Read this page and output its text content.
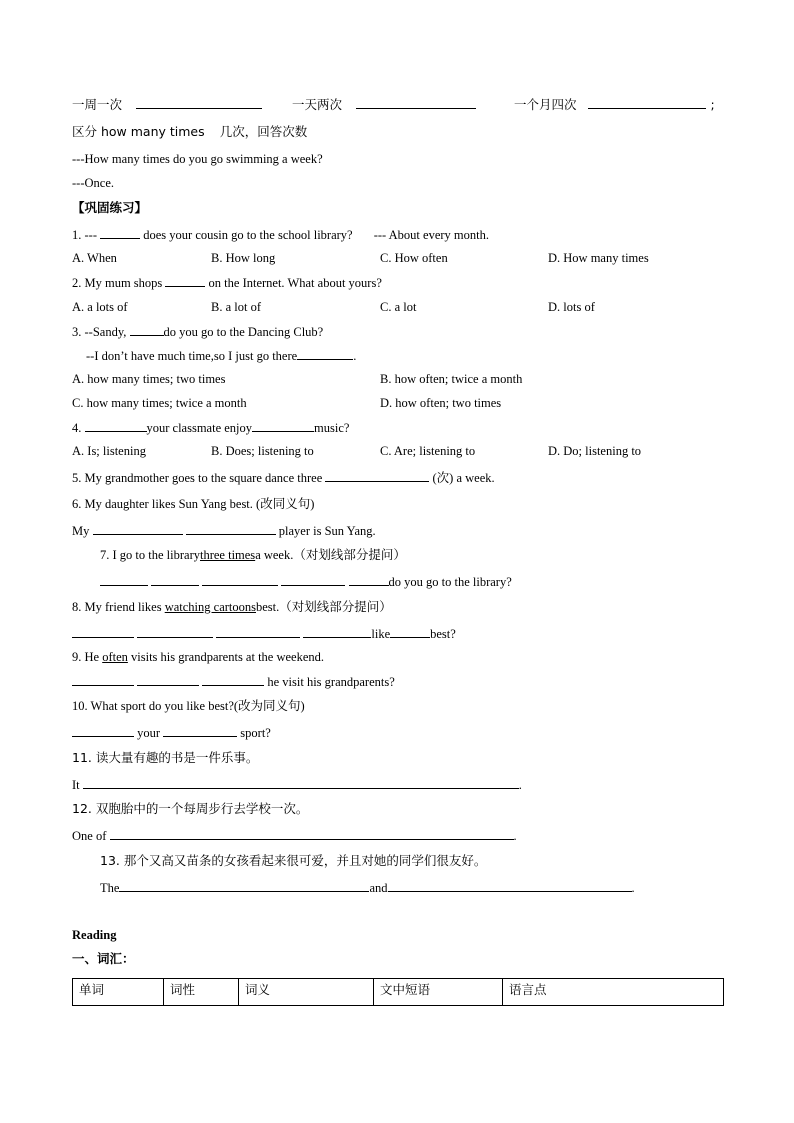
一周一次	一天两次	一个月四次	;
区分 how many times 几次，回答次数
---How many times do you go swimming a week?
---Once.
【巩固练习】
1. ---	does your cousin go to the school library? --- About every month.
A. When	B. How long	C. How often	D. How many times
2. My mum shops	on the Internet. What about yours?
A. a lots of	B. a lot of	C. a lot	D. lots of
3. --Sandy,	do you go to the Dancing Club?
--I don’t have much time,so I just go there	.
A. how many times; two times	B. how often; twice a month
C. how many times; twice a month	D. how often; two times
4.	your classmate enjoy	music?
A. Is; listening	B. Does; listening to	C. Are; listening to	D. Do; listening to
5. My grandmother goes to the square dance three	(次) a week.
6. My daughter likes Sun Yang best. (改同义句)
My	player is Sun Yang.
7. I go to the librarythree timesa week.（对划线部分提问）
do you go to the library?
8. My friend likes watching cartoonsbest.（对划线部分提问）
like	best?
9. He often visits his grandparents at the weekend.
he visit his grandparents?
10. What sport do you like best?(改为同义句)
your	sport?
11. 读大量有趣的书是一件乐事。
It	.
12. 双胞胎中的一个每周步行去学校一次。
One of	.
13. 那个又高又苗条的女孩看起来很可爱，并且对她的同学们很友好。
The	and	.
Reading
一、词汇：
单词	词性	词义	文中短语	语言点
